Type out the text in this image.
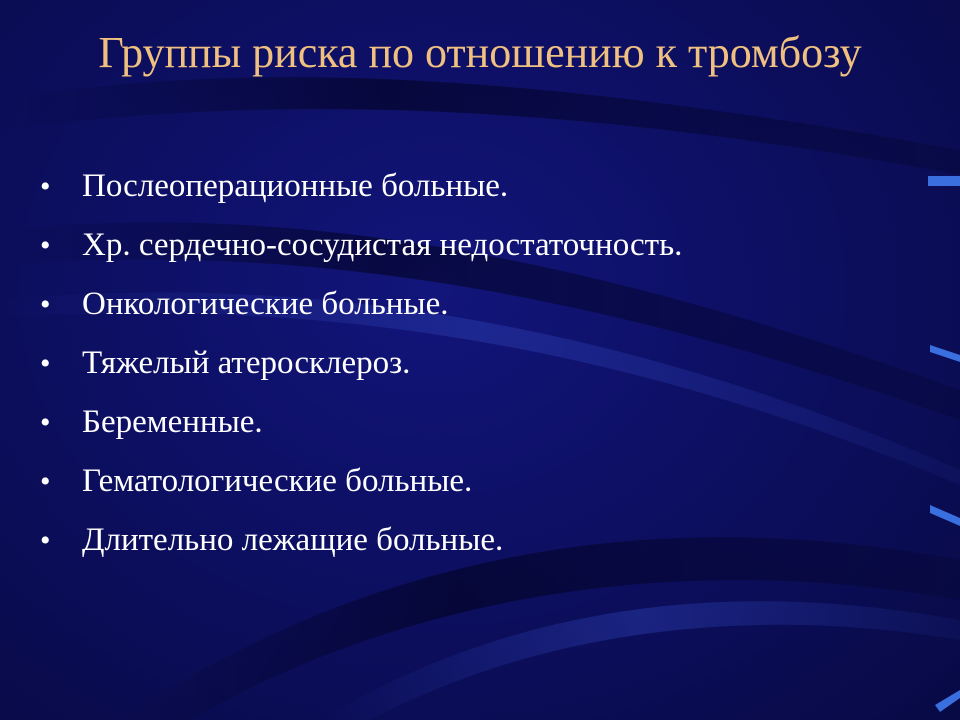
Группы риска по отношению к тромбозу
• Послеоперационные больные.
• Хр. сердечно-сосудистая недостаточность.
• Онкологические больные.
• Тяжелый атеросклероз.
• Беременные.
• Гематологические больные.
• Длительно лежащие больные.
